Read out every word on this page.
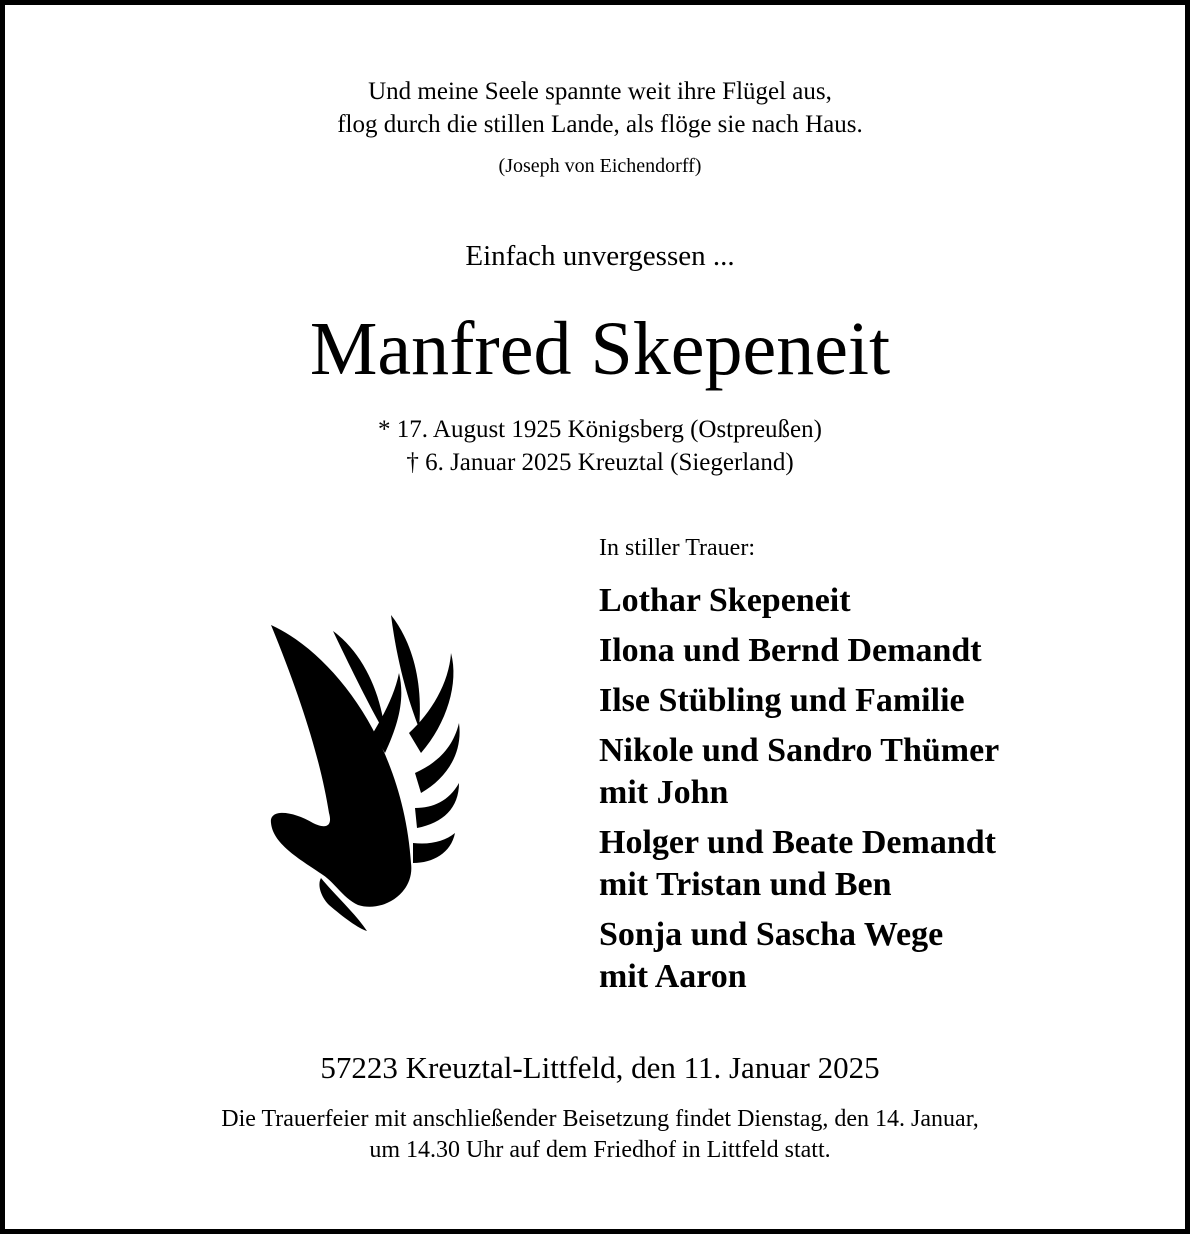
Und meine Seele spannte weit ihre Flügel aus,
flog durch die stillen Lande, als flöge sie nach Haus.
(Joseph von Eichendorff)
Einfach unvergessen ...
Manfred Skepeneit
* 17. August 1925 Königsberg (Ostpreußen)
† 6. Januar 2025 Kreuztal (Siegerland)
In stiller Trauer:
Lothar Skepeneit
Ilona und Bernd Demandt
Ilse Stübling und Familie
Nikole und Sandro Thümer
mit John
Holger und Beate Demandt
mit Tristan und Ben
Sonja und Sascha Wege
mit Aaron
57223 Kreuztal-Littfeld, den 11. Januar 2025
Die Trauerfeier mit anschließender Beisetzung findet Dienstag, den 14. Januar,
um 14.30 Uhr auf dem Friedhof in Littfeld statt.
